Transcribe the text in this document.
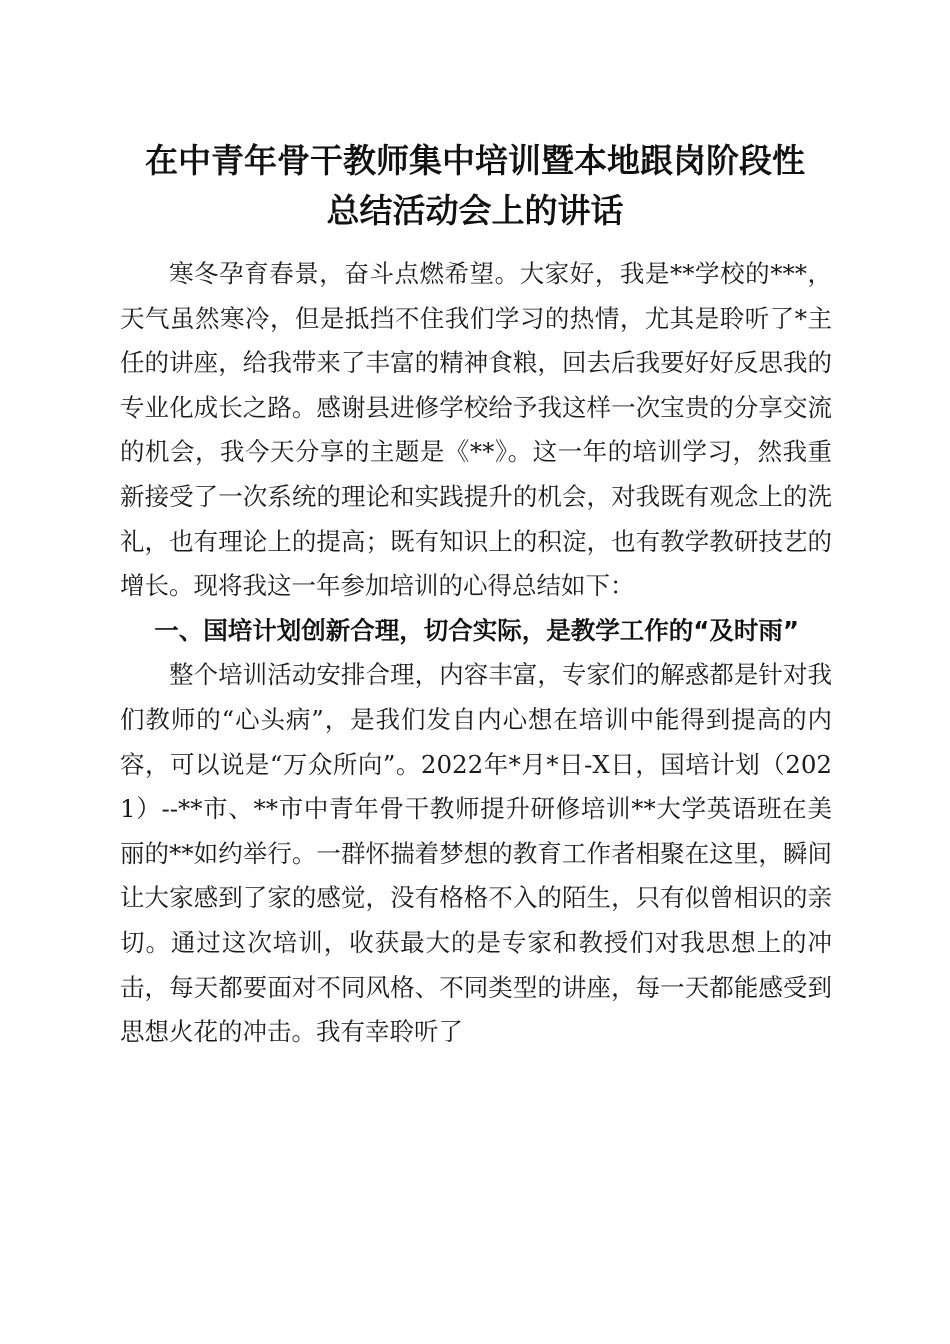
在中青年骨干教师集中培训暨本地跟岗阶段性
总结活动会上的讲话

寒冬孕育春景，奋斗点燃希望。大家好，我是**学校的***，天气虽然寒冷，但是抵挡不住我们学习的热情，尤其是聆听了*主任的讲座，给我带来了丰富的精神食粮，回去后我要好好反思我的专业化成长之路。感谢县进修学校给予我这样一次宝贵的分享交流的机会，我今天分享的主题是《**》。这一年的培训学习，然我重新接受了一次系统的理论和实践提升的机会，对我既有观念上的洗礼，也有理论上的提高；既有知识上的积淀，也有教学教研技艺的增长。现将我这一年参加培训的心得总结如下：

一、国培计划创新合理，切合实际，是教学工作的“及时雨”

整个培训活动安排合理，内容丰富，专家们的解惑都是针对我们教师的“心头病”，是我们发自内心想在培训中能得到提高的内容，可以说是“万众所向”。2022年*月*日-X日，国培计划（2021）--**市、**市中青年骨干教师提升研修培训**大学英语班在美丽的**如约举行。一群怀揣着梦想的教育工作者相聚在这里，瞬间让大家感到了家的感觉，没有格格不入的陌生，只有似曾相识的亲切。通过这次培训，收获最大的是专家和教授们对我思想上的冲击，每天都要面对不同风格、不同类型的讲座，每一天都能感受到思想火花的冲击。我有幸聆听了
